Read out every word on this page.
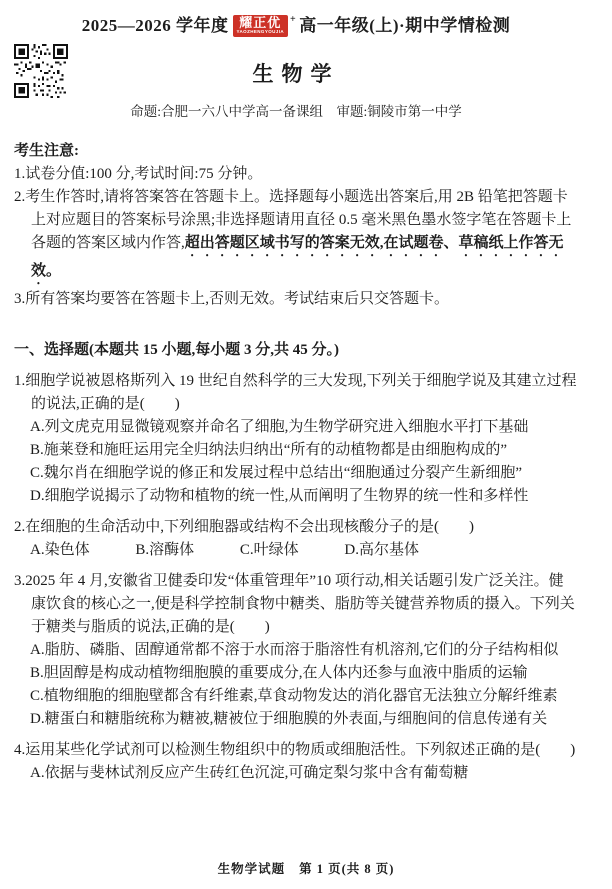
2025—2026 学年度 耀正优
YAOZHENGYOUJIA
+ 高一年级(上)·期中学情检测
生物学
命题:合肥一六八中学高一备课组　审题:铜陵市第一中学
考生注意:
1.试卷分值:100 分,考试时间:75 分钟。
2.考生作答时,请将答案答在答题卡上。选择题每小题选出答案后,用 2B 铅笔把答题卡上对应题目的答案标号涂黑;非选择题请用直径 0.5 毫米黑色墨水签字笔在答题卡上各题的答案区域内作答,超出答题区域书写的答案无效,在试题卷、草稿纸上作答无效。
3.所有答案均要答在答题卡上,否则无效。考试结束后只交答题卡。
一、选择题(本题共 15 小题,每小题 3 分,共 45 分。)
1.细胞学说被恩格斯列入 19 世纪自然科学的三大发现,下列关于细胞学说及其建立过程的说法,正确的是(　　)
A.列文虎克用显微镜观察并命名了细胞,为生物学研究进入细胞水平打下基础
B.施莱登和施旺运用完全归纳法归纳出“所有的动植物都是由细胞构成的”
C.魏尔肖在细胞学说的修正和发展过程中总结出“细胞通过分裂产生新细胞”
D.细胞学说揭示了动物和植物的统一性,从而阐明了生物界的统一性和多样性
2.在细胞的生命活动中,下列细胞器或结构不会出现核酸分子的是(　　)
A.染色体	B.溶酶体	C.叶绿体	D.高尔基体
3.2025 年 4 月,安徽省卫健委印发“体重管理年”10 项行动,相关话题引发广泛关注。健康饮食的核心之一,便是科学控制食物中糖类、脂肪等关键营养物质的摄入。下列关于糖类与脂质的说法,正确的是(　　)
A.脂肪、磷脂、固醇通常都不溶于水而溶于脂溶性有机溶剂,它们的分子结构相似
B.胆固醇是构成动植物细胞膜的重要成分,在人体内还参与血液中脂质的运输
C.植物细胞的细胞壁都含有纤维素,草食动物发达的消化器官无法独立分解纤维素
D.糖蛋白和糖脂统称为糖被,糖被位于细胞膜的外表面,与细胞间的信息传递有关
4.运用某些化学试剂可以检测生物组织中的物质或细胞活性。下列叙述正确的是(　　)
A.依据与斐林试剂反应产生砖红色沉淀,可确定梨匀浆中含有葡萄糖
生物学试题 第 1 页(共 8 页)
